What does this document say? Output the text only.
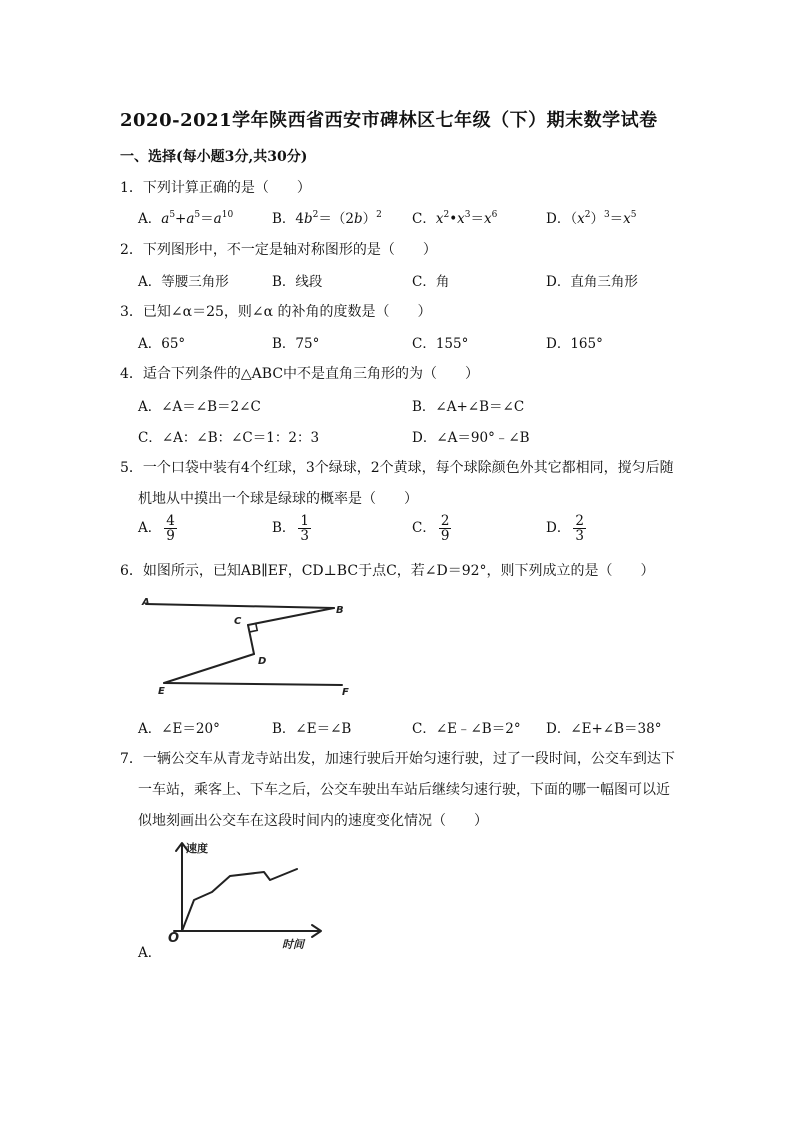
2020-2021学年陕西省西安市碑林区七年级（下）期末数学试卷
一、选择(每小题3分,共30分)
1．下列计算正确的是（　　）
A．$a^5+a^5=a^{10}$	B．$4b^2=(2b)^2$ C．$x^2•x^3=x^6$	D．$(x^2)^3=x^5$
2．下列图形中，不一定是轴对称图形的是（　　）
A．等腰三角形	B．线段	C．角	D．直角三角形
3．已知∠α＝25，则∠α 的补角的度数是（　　）
A．65°	B．75°	C．155°	D．165°
4．适合下列条件的△ABC中不是直角三角形的为（　　）
A．∠A＝∠B＝2∠C	B．∠A+∠B＝∠C
C．∠A：∠B：∠C＝1：2：3	D．∠A＝90°﹣∠B
5．一个口袋中装有4个红球，3个绿球，2个黄球，每个球除颜色外其它都相同，搅匀后随
机地从中摸出一个球是绿球的概率是（　　）
A． $\frac{4}{9}$	B． $\frac{1}{3}$	C． $\frac{2}{9}$	D． $\frac{2}{3}$
6．如图所示，已知AB∥EF，CD⊥BC于点C，若∠D＝92°，则下列成立的是（　　）
A
B
C
D
E	F
A．∠E＝20°	B．∠E＝∠B	C．∠E﹣∠B＝2° D．∠E+∠B＝38°
7．一辆公交车从青龙寺站出发，加速行驶后开始匀速行驶，过了一段时间，公交车到达下
一车站，乘客上、下车之后，公交车驶出车站后继续匀速行驶，下面的哪一幅图可以近
似地刻画出公交车在这段时间内的速度变化情况（　　）
速度
时间
O
A．
